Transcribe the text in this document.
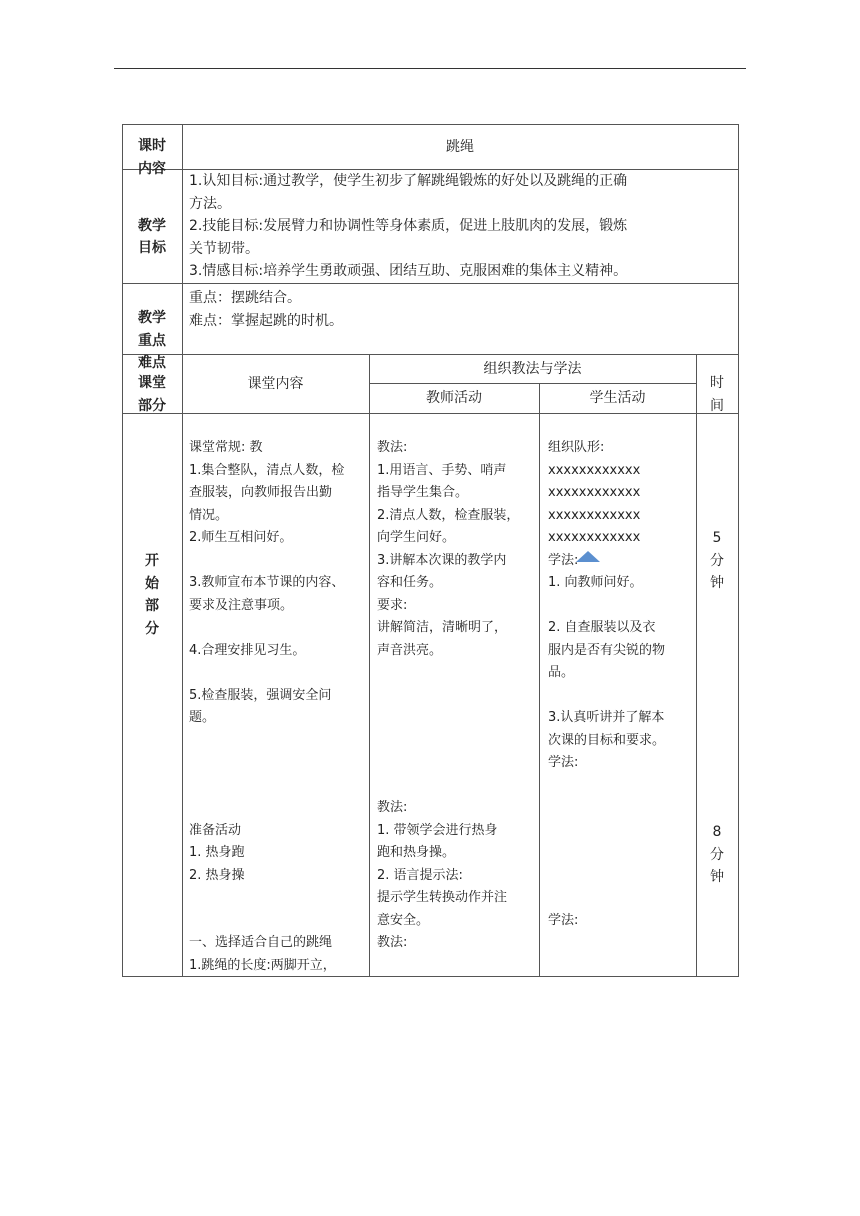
课时
内容
跳绳
教学
目标
1.认知目标:通过教学，使学生初步了解跳绳锻炼的好处以及跳绳的正确
方法。
2.技能目标:发展臂力和协调性等身体素质，促进上肢肌肉的发展，锻炼
关节韧带。
3.情感目标:培养学生勇敢顽强、团结互助、克服困难的集体主义精神。
教学
重点
难点
重点：摆跳结合。
难点：掌握起跳的时机。
课堂
部分
课堂内容
组织教法与学法
教师活动	学生活动
时
间
开
始
部
分
课堂常规: 教
1.集合整队，清点人数，检
查服装，向教师报告出勤
情况。
2.师生互相问好。
3.教师宣布本节课的内容、
要求及注意事项。
4.合理安排见习生。
5.检查服装，强调安全问
题。
准备活动
1. 热身跑
2. 热身操
一、选择适合自己的跳绳
1.跳绳的长度:两脚开立，
教法:
1.用语言、手势、哨声
指导学生集合。
2.清点人数，检查服装，
向学生问好。
3.讲解本次课的教学内
容和任务。
要求:
讲解简洁，清晰明了，
声音洪亮。
教法:
1. 带领学会进行热身
跑和热身操。
2. 语言提示法:
提示学生转换动作并注
意安全。
教法:
组织队形:
xxxxxxxxxxxx
xxxxxxxxxxxx
xxxxxxxxxxxx
xxxxxxxxxxxx
学法:
1. 向教师问好。
2. 自查服装以及衣
服内是否有尖锐的物
品。
3.认真听讲并了解本
次课的目标和要求。
学法:
学法:
5
分
钟
8
分
钟
